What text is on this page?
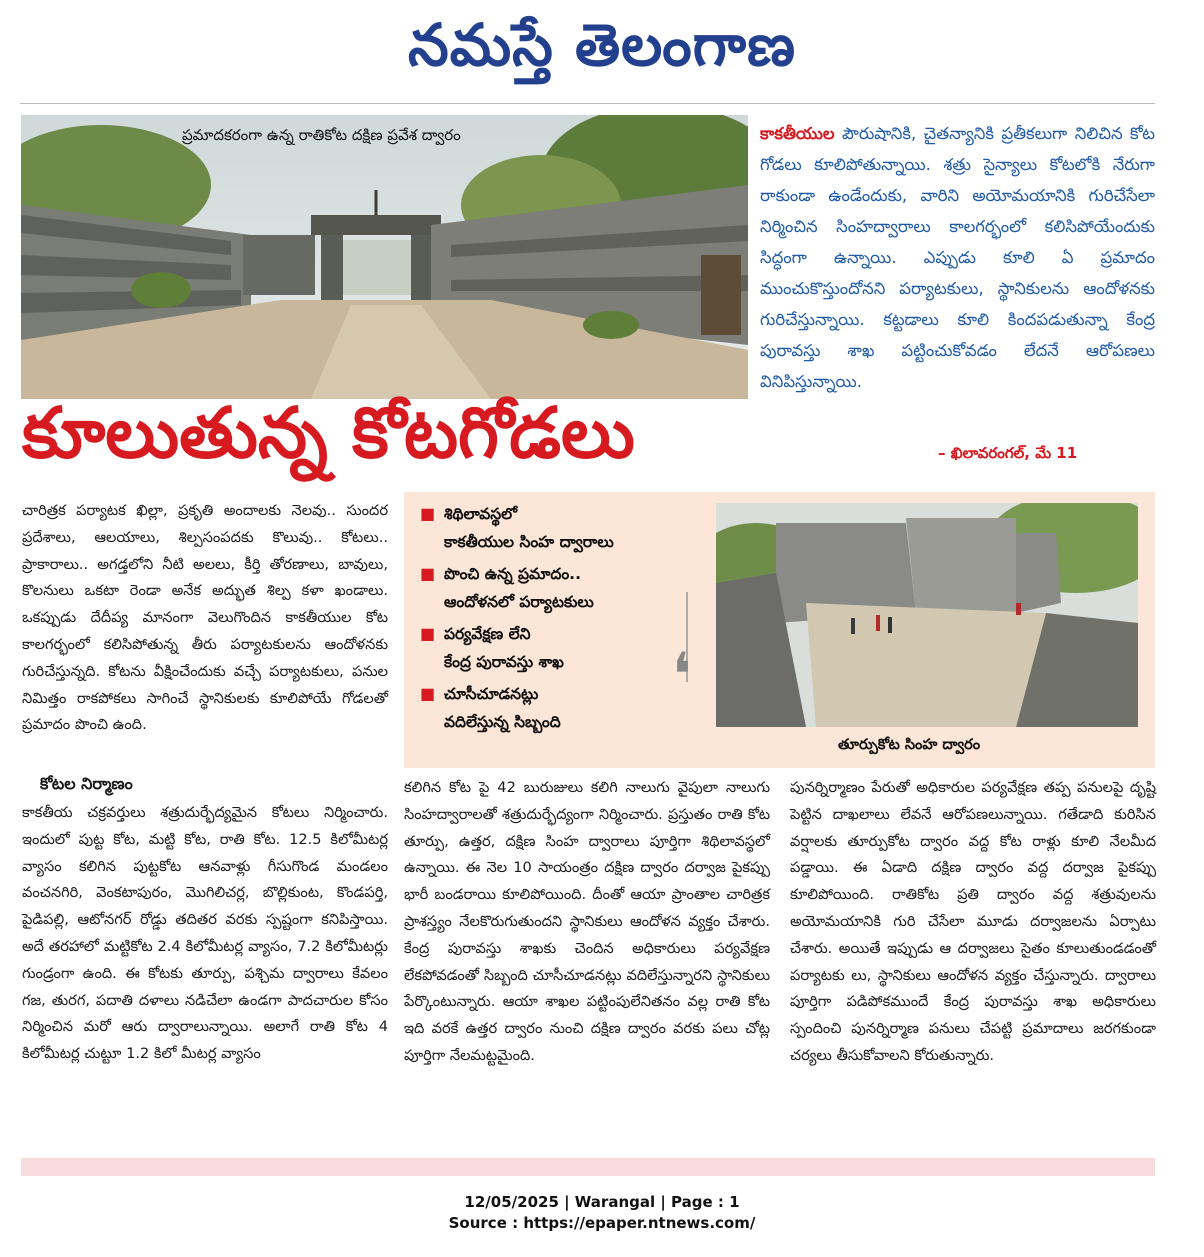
నమస్తే తెలంగాణ
ప్రమాదకరంగా ఉన్న రాతికోట దక్షిణ ప్రవేశ ద్వారం
కూలుతున్న కోటగోడలు
కాకతీయుల పౌరుషానికి, చైతన్యానికి ప్రతీకలుగా నిలిచిన కోట గోడలు కూలిపోతున్నాయి. శత్రు సైన్యాలు కోటలోకి నేరుగా రాకుండా ఉండేందుకు, వారిని అయోమయానికి గురిచేసేలా నిర్మించిన సింహద్వారాలు కాలగర్భంలో కలిసిపోయేందుకు సిద్ధంగా ఉన్నాయి. ఎప్పుడు కూలి ఏ ప్రమాదం ముంచుకొస్తుందోనని పర్యాటకులు, స్థానికులను ఆందోళనకు గురిచేస్తున్నాయి. కట్టడాలు కూలి కిందపడుతున్నా కేంద్ర పురావస్తు శాఖ పట్టించుకోవడం లేదనే ఆరోపణలు వినిపిస్తున్నాయి.
– ఖిలావరంగల్‌, మే 11
చారిత్రక పర్యాటక ఖిల్లా, ప్రకృతి అందాలకు నెలవు.. సుందర ప్రదేశాలు, ఆలయాలు, శిల్పసంపదకు కొలువు.. కోటలు.. ప్రాకారాలు.. అగడ్తలోని నీటి అలలు, కీర్తి తోరణాలు, బావులు, కొలనులు ఒకటా రెండా అనేక అద్భుత శిల్ప కళా ఖండాలు. ఒకప్పుడు దేదీప్య మానంగా వెలుగొందిన కాకతీయుల కోట కాలగర్భంలో కలిసిపోతున్న తీరు పర్యాటకులను ఆందోళనకు గురిచేస్తున్నది. కోటను వీక్షించేందుకు వచ్చే పర్యాటకులు, పనుల నిమిత్తం రాకపోకలు సాగించే స్థానికులకు కూలిపోయే గోడలతో ప్రమాదం పొంచి ఉంది.
కోటల నిర్మాణం
కాకతీయ చక్రవర్తులు శత్రుదుర్భేద్యమైన కోటలు నిర్మించారు. ఇందులో పుట్ట కోట, మట్టి కోట, రాతి కోట. 12.5 కిలోమీటర్ల వ్యాసం కలిగిన పుట్టకోట ఆనవాళ్లు గీసుగొండ మండలం వంచనగిరి, వెంకటాపురం, మొగిలిచర్ల, బొల్లికుంట, కొండపర్తి, పైడిపల్లి, ఆటోనగర్‌ రోడ్డు తదితర వరకు స్పష్టంగా కనిపిస్తాయి. అదే తరహాలో మట్టికోట 2.4 కిలోమీటర్ల వ్యాసం, 7.2 కిలోమీటర్లు గుండ్రంగా ఉంది. ఈ కోటకు తూర్పు, పశ్చిమ ద్వారాలు కేవలం గజ, తురగ, పదాతి దళాలు నడిచేలా ఉండగా పాదచారుల కోసం నిర్మించిన మరో ఆరు ద్వారాలున్నాయి. అలాగే రాతి కోట 4 కిలోమీటర్ల చుట్టూ 1.2 కిలో మీటర్ల వ్యాసం
■ శిథిలావస్థలో
కాకతీయుల సింహ ద్వారాలు
■ పొంచి ఉన్న ప్రమాదం..
ఆందోళనలో పర్యాటకులు
■ పర్యవేక్షణ లేని
కేంద్ర పురావస్తు శాఖ
■ చూసీచూడనట్లు
వదిలేస్తున్న సిబ్బంది
❛
తూర్పుకోట సింహ ద్వారం
కలిగిన కోట పై 42 బురుజులు కలిగి నాలుగు వైపులా నాలుగు సింహద్వారాలతో శత్రుదుర్భేద్యంగా నిర్మించారు. ప్రస్తుతం రాతి కోట తూర్పు, ఉత్తర, దక్షిణ సింహ ద్వారాలు పూర్తిగా శిథిలావస్థలో ఉన్నాయి. ఈ నెల 10 సాయంత్రం దక్షిణ ద్వారం దర్వాజ పైకప్పు భారీ బండరాయి కూలిపోయింది. దీంతో ఆయా ప్రాంతాల చారిత్రక ప్రాశస్త్యం నేలకొరుగుతుందని స్థానికులు ఆందోళన వ్యక్తం చేశారు. కేంద్ర పురావస్తు శాఖకు చెందిన అధికారులు పర్యవేక్షణ లేకపోవడంతో సిబ్బంది చూసీచూడనట్లు వదిలేస్తున్నారని స్థానికులు పేర్కొంటున్నారు. ఆయా శాఖల పట్టింపులేనితనం వల్ల రాతి కోట ఇది వరకే ఉత్తర ద్వారం నుంచి దక్షిణ ద్వారం వరకు పలు చోట్ల పూర్తిగా నేలమట్టమైంది.
పునర్నిర్మాణం పేరుతో అధికారుల పర్యవేక్షణ తప్ప పనులపై దృష్టి పెట్టిన దాఖలాలు లేవనే ఆరోపణలున్నాయి. గతేడాది కురిసిన వర్షాలకు తూర్పుకోట ద్వారం వద్ద కోట రాళ్లు కూలి నేలమీద పడ్డాయి. ఈ ఏడాది దక్షిణ ద్వారం వద్ద దర్వాజ పైకప్పు కూలిపోయింది. రాతికోట ప్రతి ద్వారం వద్ద శత్రువులను అయోమయానికి గురి చేసేలా మూడు దర్వాజలను ఏర్పాటు చేశారు. అయితే ఇప్పుడు ఆ దర్వాజలు సైతం కూలుతుండడంతో పర్యాటకు లు, స్థానికులు ఆందోళన వ్యక్తం చేస్తున్నారు. ద్వారాలు పూర్తిగా పడిపోకముందే కేంద్ర పురావస్తు శాఖ అధికారులు స్పందించి పునర్నిర్మాణ పనులు చేపట్టి ప్రమాదాలు జరగకుండా చర్యలు తీసుకోవాలని కోరుతున్నారు.
12/05/2025 | Warangal | Page : 1
Source : https://epaper.ntnews.com/
